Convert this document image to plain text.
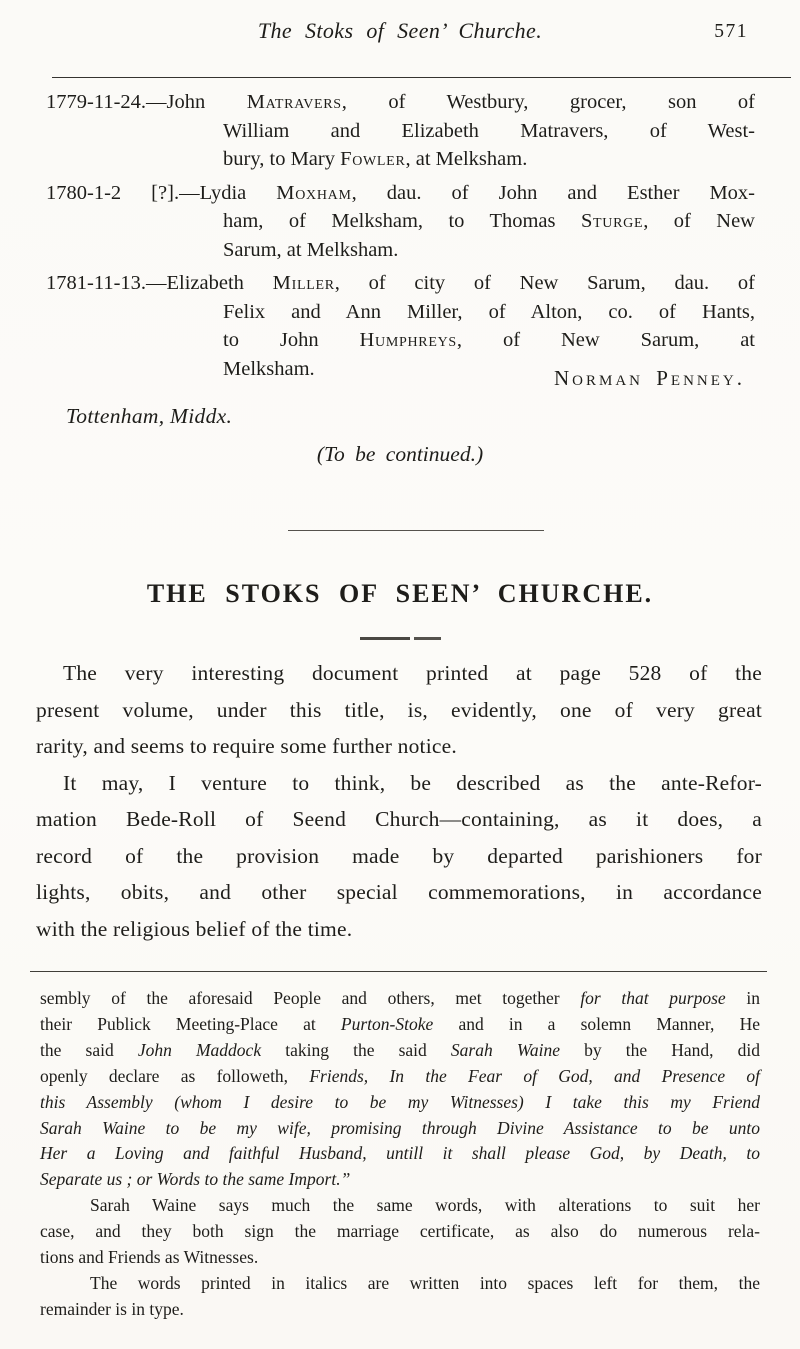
The Stoks of Seen’ Churche.	571
1779-11-24.—John Matravers, of Westbury, grocer, son of
William and Elizabeth Matravers, of West-
bury, to Mary Fowler, at Melksham.
1780-1-2 [?].—Lydia Moxham, dau. of John and Esther Mox-
ham, of Melksham, to Thomas Sturge, of New
Sarum, at Melksham.
1781-11-13.—Elizabeth Miller, of city of New Sarum, dau. of
Felix and Ann Miller, of Alton, co. of Hants,
to John Humphreys, of New Sarum, at
Melksham.	Norman Penney.
Tottenham, Middx.
(To be continued.)
THE STOKS OF SEEN’ CHURCHE.
The very interesting document printed at page 528 of the
present volume, under this title, is, evidently, one of very great
rarity, and seems to require some further notice.
It may, I venture to think, be described as the ante-Refor-
mation Bede-Roll of Seend Church—containing, as it does, a
record of the provision made by departed parishioners for
lights, obits, and other special commemorations, in accordance
with the religious belief of the time.
sembly of the aforesaid People and others, met together for that purpose in
their Publick Meeting-Place at Purton-Stoke and in a solemn Manner, He
the said John Maddock taking the said Sarah Waine by the Hand, did
openly declare as followeth, Friends, In the Fear of God, and Presence of
this Assembly (whom I desire to be my Witnesses) I take this my Friend
Sarah Waine to be my wife, promising through Divine Assistance to be unto
Her a Loving and faithful Husband, untill it shall please God, by Death, to
Separate us ; or Words to the same Import.”
Sarah Waine says much the same words, with alterations to suit her
case, and they both sign the marriage certificate, as also do numerous rela-
tions and Friends as Witnesses.
The words printed in italics are written into spaces left for them, the
remainder is in type.
